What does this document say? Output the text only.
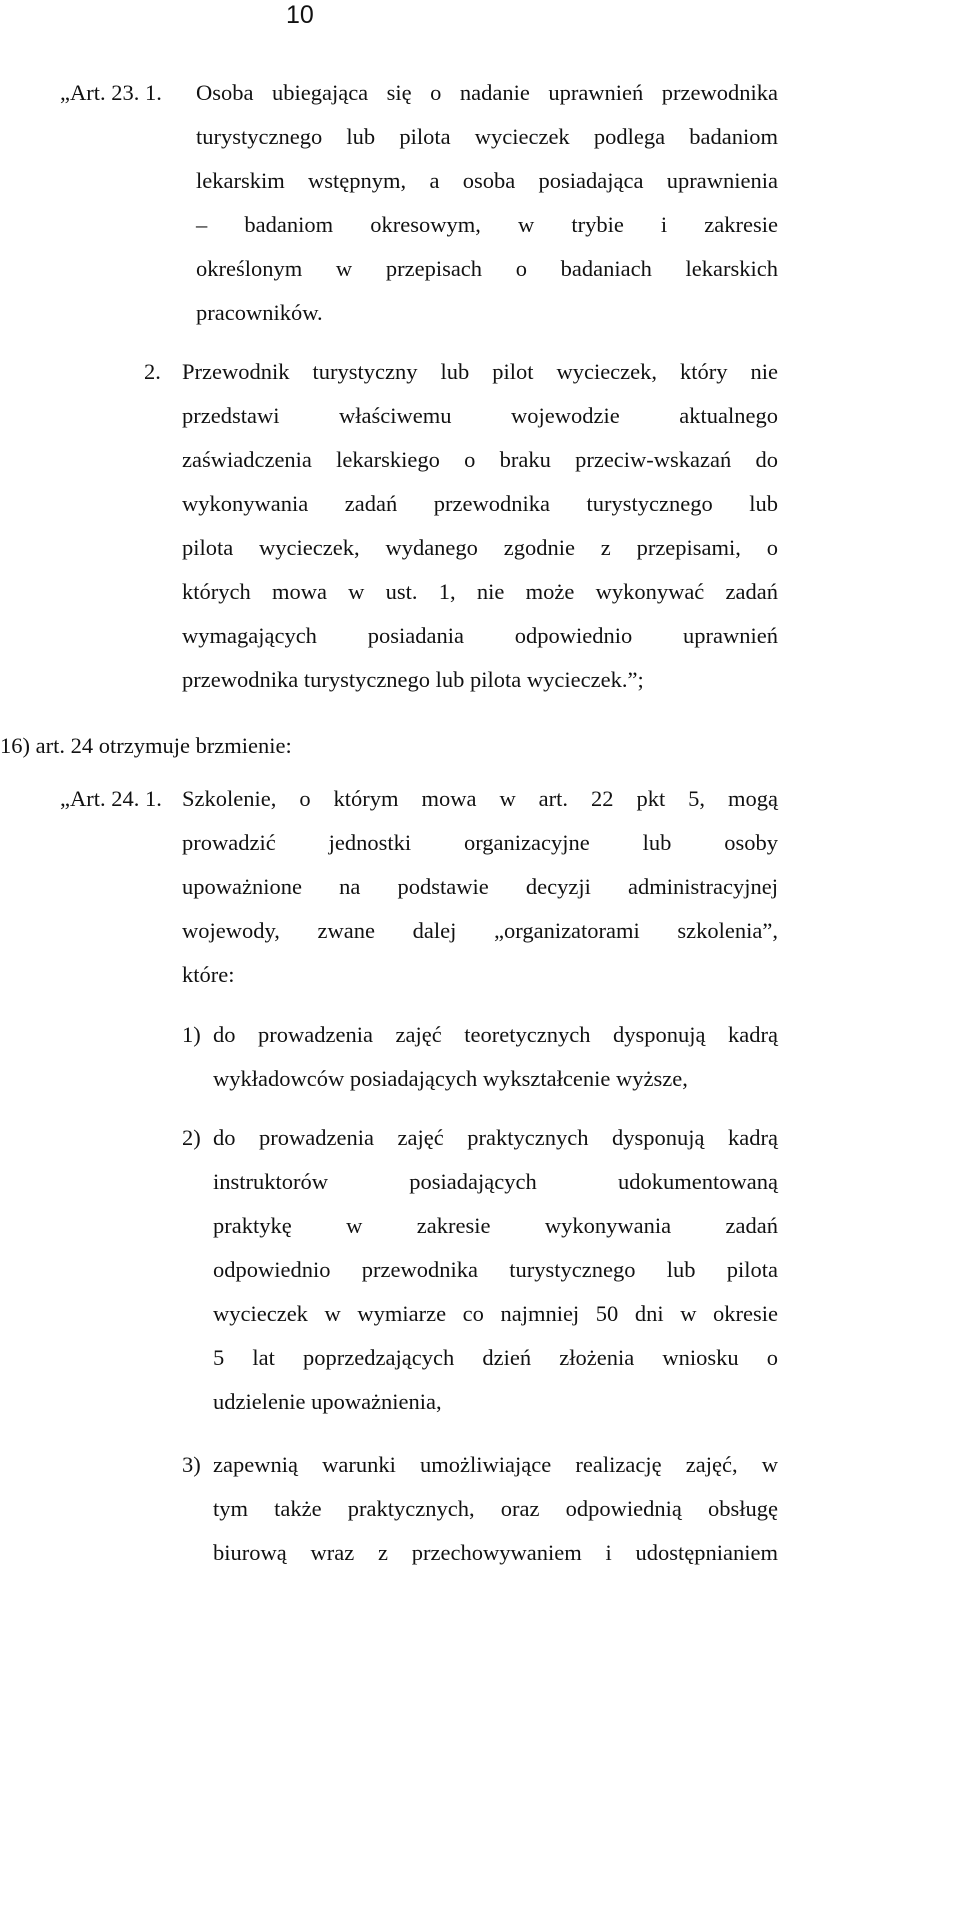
10
„Art. 23. 1. Osoba ubiegająca się o nadanie uprawnień przewodnika
turystycznego lub pilota wycieczek podlega badaniom
lekarskim wstępnym, a osoba posiadająca uprawnienia
– badaniom okresowym, w trybie i zakresie
określonym w przepisach o badaniach lekarskich
pracowników.
2. Przewodnik turystyczny lub pilot wycieczek, który nie
przedstawi właściwemu wojewodzie aktualnego
zaświadczenia lekarskiego o braku przeciw-wskazań do
wykonywania zadań przewodnika turystycznego lub
pilota wycieczek, wydanego zgodnie z przepisami, o
których mowa w ust. 1, nie może wykonywać zadań
wymagających posiadania odpowiednio uprawnień
przewodnika turystycznego lub pilota wycieczek.”;
16) art. 24 otrzymuje brzmienie:
„Art. 24. 1. Szkolenie, o którym mowa w art. 22 pkt 5, mogą
prowadzić jednostki organizacyjne lub osoby
upoważnione na podstawie decyzji administracyjnej
wojewody, zwane dalej „organizatorami szkolenia”,
które:
1) do prowadzenia zajęć teoretycznych dysponują kadrą
wykładowców posiadających wykształcenie wyższe,
2) do prowadzenia zajęć praktycznych dysponują kadrą
instruktorów posiadających udokumentowaną
praktykę w zakresie wykonywania zadań
odpowiednio przewodnika turystycznego lub pilota
wycieczek w wymiarze co najmniej 50 dni w okresie
5 lat poprzedzających dzień złożenia wniosku o
udzielenie upoważnienia,
3) zapewnią warunki umożliwiające realizację zajęć, w
tym także praktycznych, oraz odpowiednią obsługę
biurową wraz z przechowywaniem i udostępnianiem
